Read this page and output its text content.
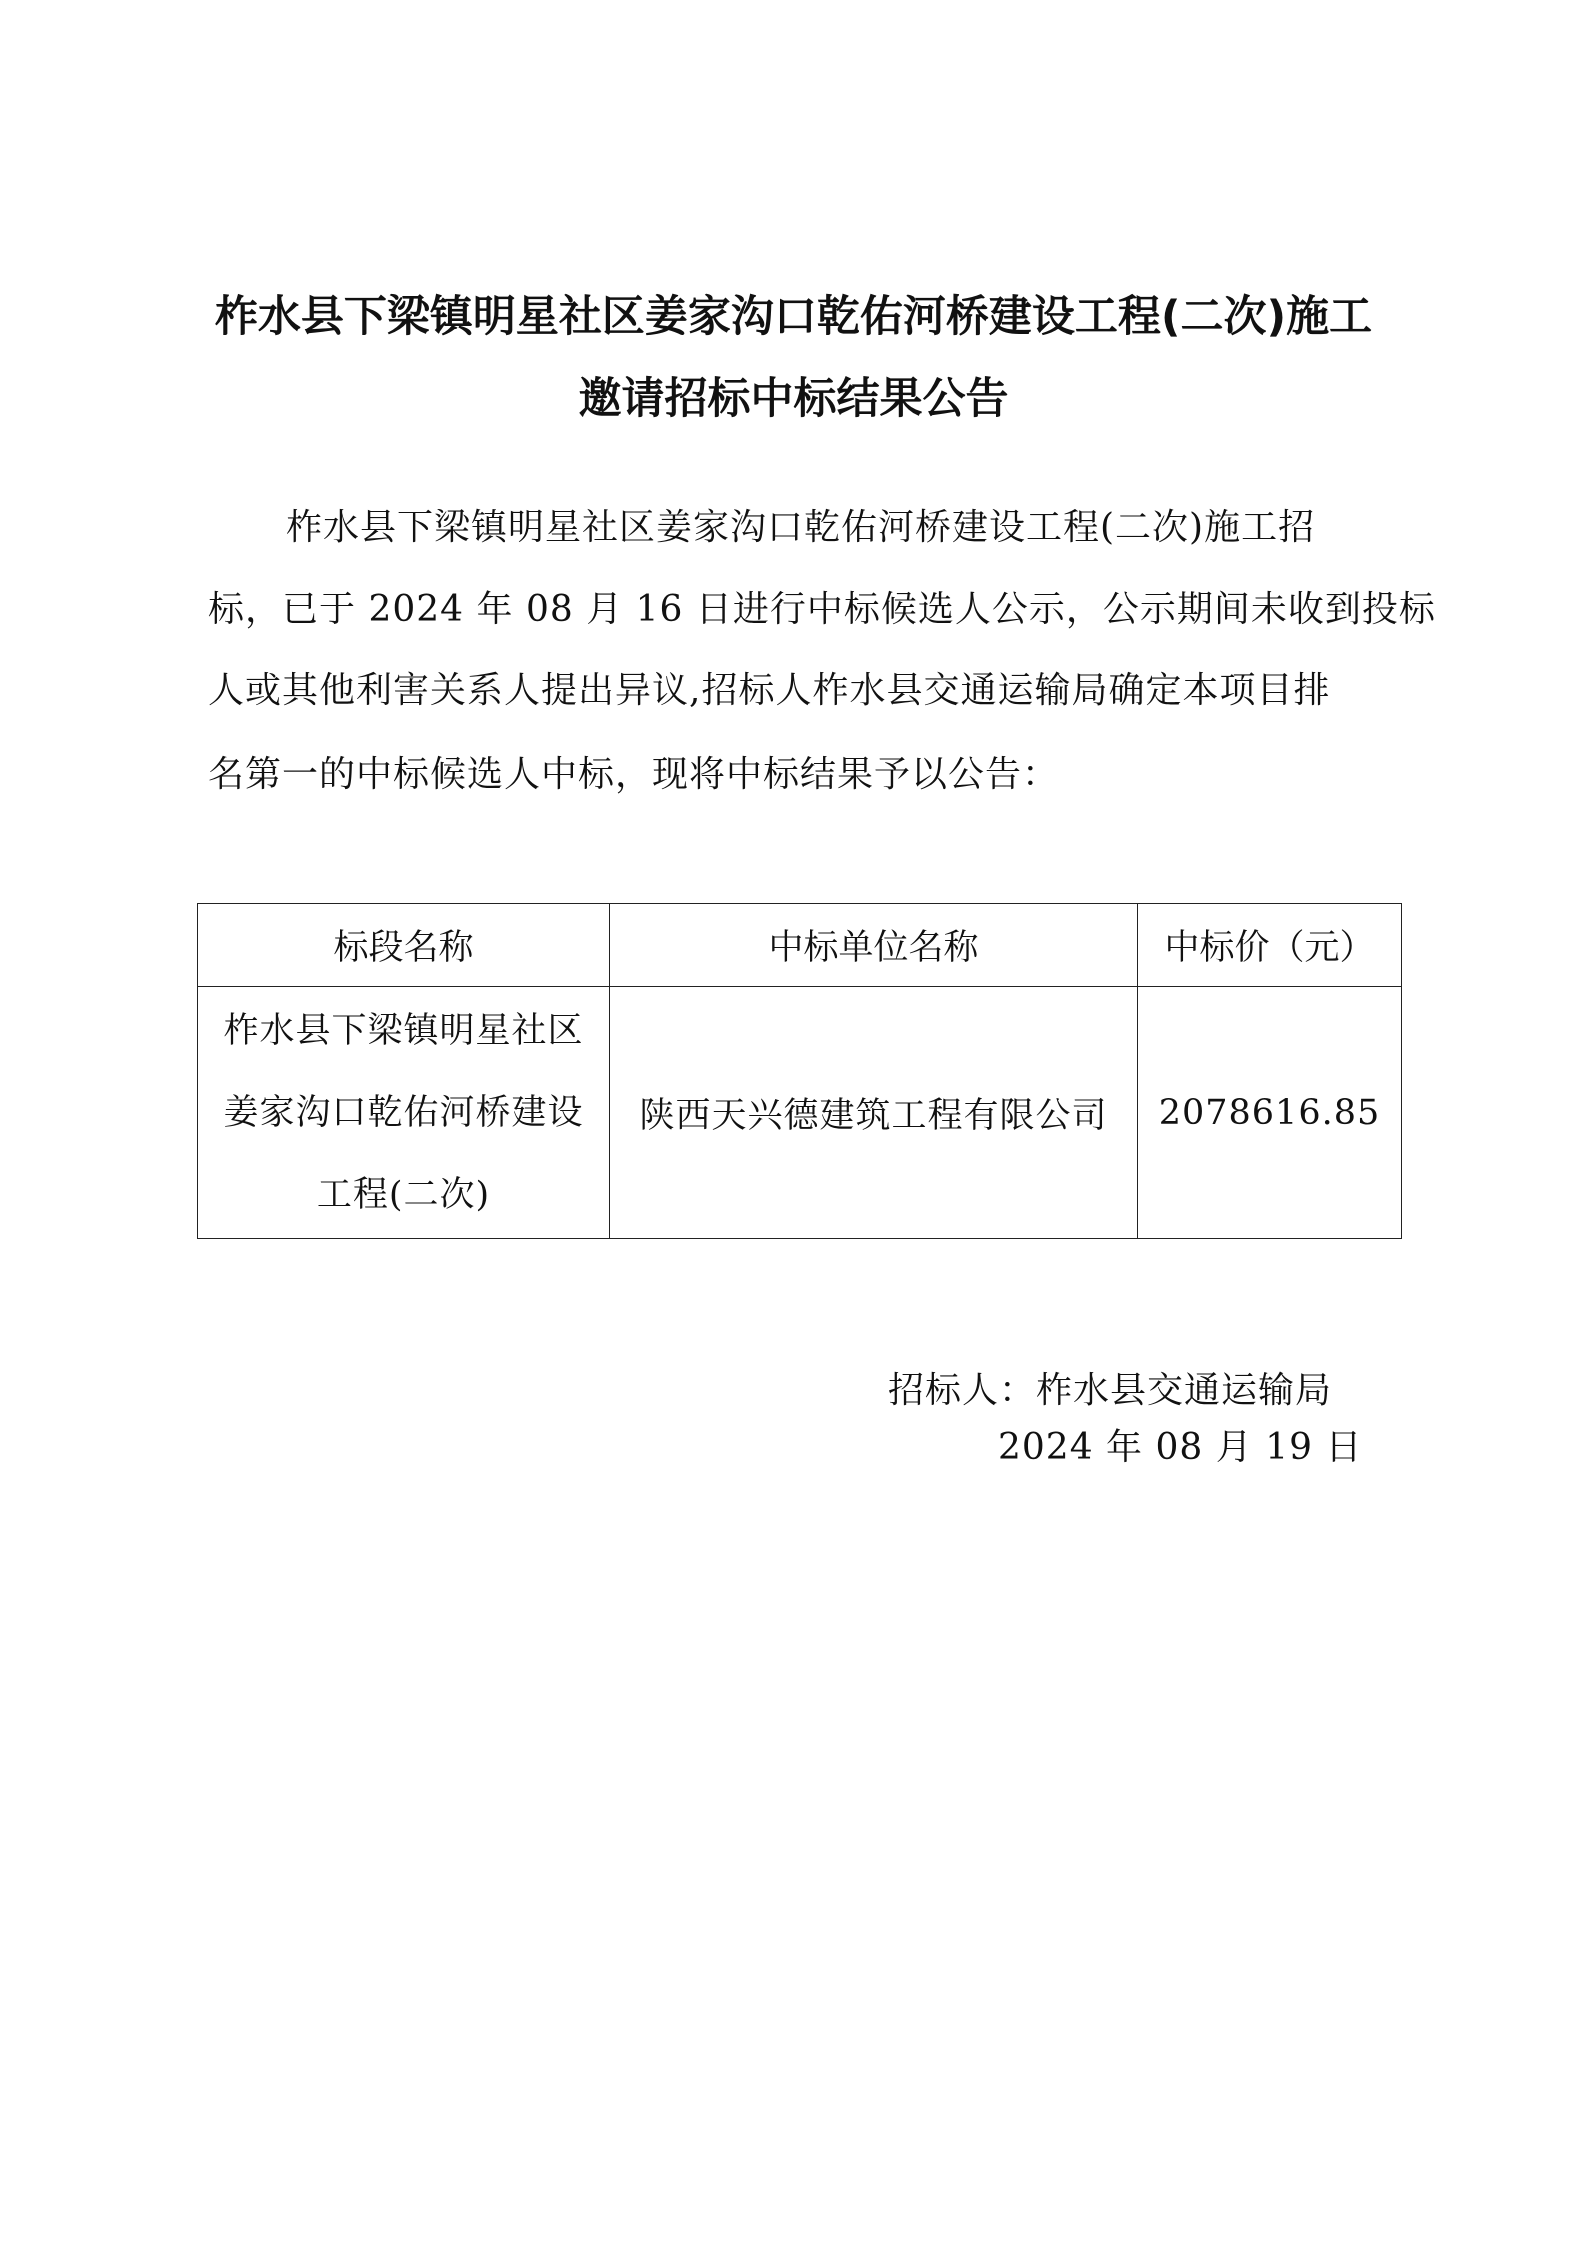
柞水县下梁镇明星社区姜家沟口乾佑河桥建设工程(二次)施工
邀请招标中标结果公告
柞水县下梁镇明星社区姜家沟口乾佑河桥建设工程(二次)施工招
标，已于 2024 年 08 月 16 日进行中标候选人公示，公示期间未收到投标
人或其他利害关系人提出异议,招标人柞水县交通运输局确定本项目排
名第一的中标候选人中标，现将中标结果予以公告：
标段名称	中标单位名称	中标价（元）

柞水县下梁镇明星社区姜家沟口乾佑河桥建设工程(二次)	陕西天兴德建筑工程有限公司	2078616.85
招标人：柞水县交通运输局
2024 年 08 月 19 日
